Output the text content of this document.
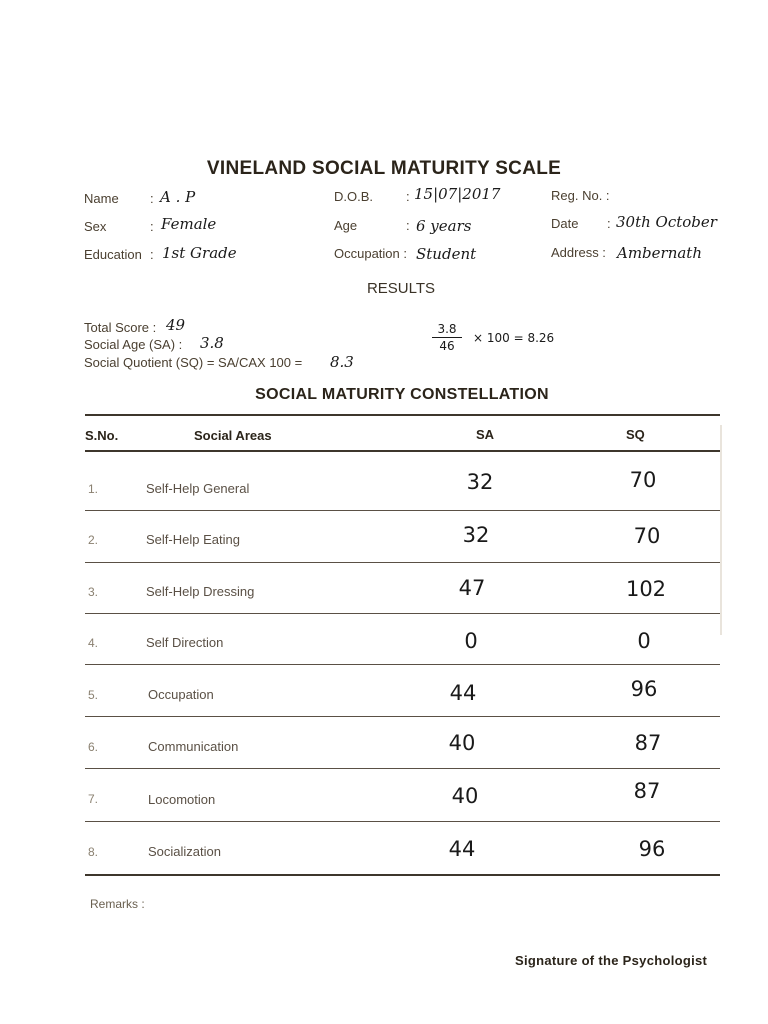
VINELAND SOCIAL MATURITY SCALE
Name : A . P	D.O.B.	: 15|07|2017	Reg. No. :
Sex	: Female	Age	: 6 years	Date : 30th October
Education : 1st Grade	Occupation : Student	Address : Ambernath
RESULTS
Total Score : 49
Social Age (SA) : 3.8
Social Quotient (SQ) = SA/CAX 100 = 8.3
3.8
46
× 100 = 8.26
SOCIAL MATURITY CONSTELLATION
S.No.	Social Areas	SA	SQ
1.	Self-Help General	32	70
2.	Self-Help Eating	32	70
3.	Self-Help Dressing	47	102
4.	Self Direction	0	0
5.	Occupation	44	96
6.	Communication	40	87
7.	Locomotion	40	87
8.	Socialization	44	96
Remarks :
Signature of the Psychologist
